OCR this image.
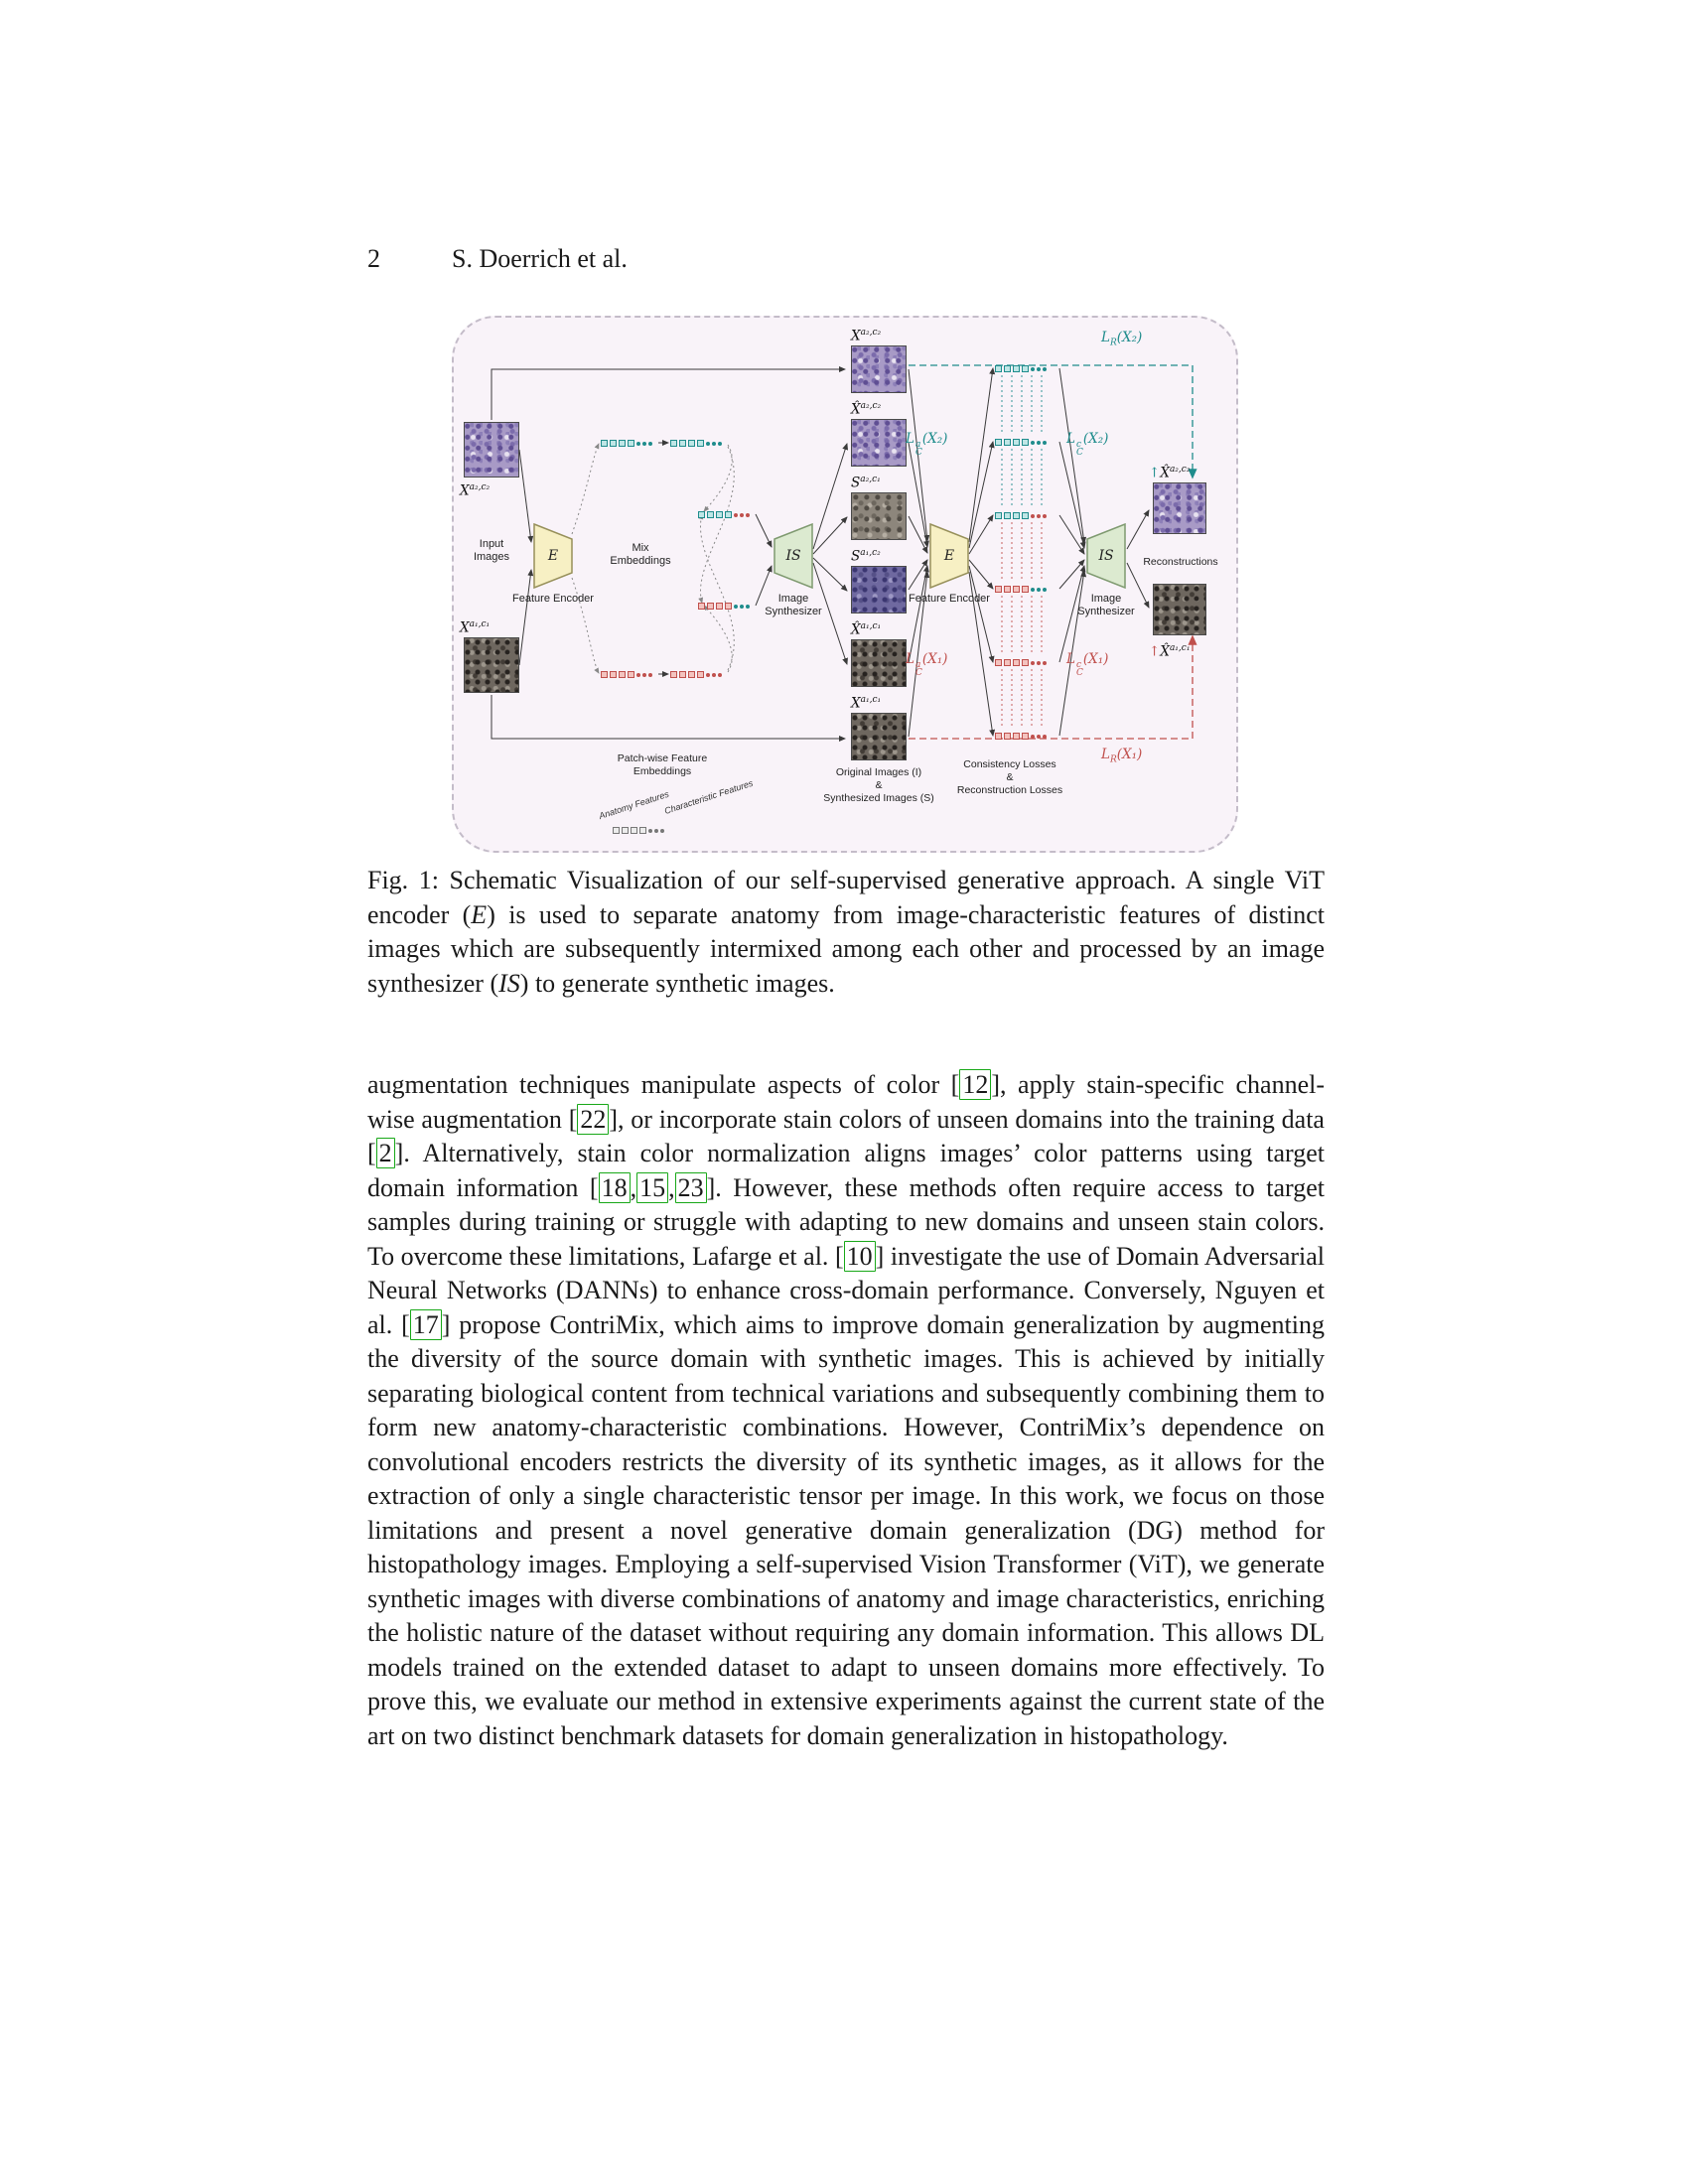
2	S. Doerrich et al.
$X^{a_2,c_2}$
$X^{a_1,c_1}$
Input Images	E
Feature Encoder
Mix Embeddings	IS
Image Synthesizer
$X^{a_2,c_2}$
X̂$^{a_2,c_2}$
$S^{a_2,c_1}$
$S^{a_1,c_2}$
X̂$^{a_1,c_1}$
$X^{a_1,c_1}$
Original Images (I)
&
Synthesized Images (S)
E
Feature Encoder
L a
C
(X₂)	L c
C
(X₂)
L a
C
(X₁)	L c
C
(X₁)
$L_R(X_2)$
$L_R(X_1)$
IS
Image Synthesizer
↑X̂$^{a_2,c_2}$
Reconstructions
↑X̂$^{a_1,c_1}$
Patch-wise Feature Embeddings
Anatomy Features
Characteristic Features
Consistency Losses
&
Reconstruction Losses
Fig. 1: Schematic Visualization of our self-supervised generative approach. A single ViT encoder (E) is used to separate anatomy from image-characteristic features of distinct images which are subsequently intermixed among each other and processed by an image synthesizer (IS) to generate synthetic images.

augmentation techniques manipulate aspects of color [ 12 ], apply stain-specific channel-wise augmentation [ 22 ], or incorporate stain colors of unseen domains into the training data [ 2 ]. Alternatively, stain color normalization aligns images’ color patterns using target domain information [ 18 , 15 , 23 ]. However, these methods often require access to target samples during training or struggle with adapting to new domains and unseen stain colors. To overcome these limitations, Lafarge et al. [ 10 ] investigate the use of Domain Adversarial Neural Networks (DANNs) to enhance cross-domain performance. Conversely, Nguyen et al. [ 17 ] propose ContriMix, which aims to improve domain generalization by augmenting the diversity of the source domain with synthetic images. This is achieved by initially separating biological content from technical variations and subsequently combining them to form new anatomy-characteristic combinations. However, ContriMix’s dependence on convolutional encoders restricts the diversity of its synthetic images, as it allows for the extraction of only a single characteristic tensor per image. In this work, we focus on those limitations and present a novel generative domain generalization (DG) method for histopathology images. Employing a self-supervised Vision Transformer (ViT), we generate synthetic images with diverse combinations of anatomy and image characteristics, enriching the holistic nature of the dataset without requiring any domain information. This allows DL models trained on the extended dataset to adapt to unseen domains more effectively. To prove this, we evaluate our method in extensive experiments against the current state of the art on two distinct benchmark datasets for domain generalization in histopathology.
